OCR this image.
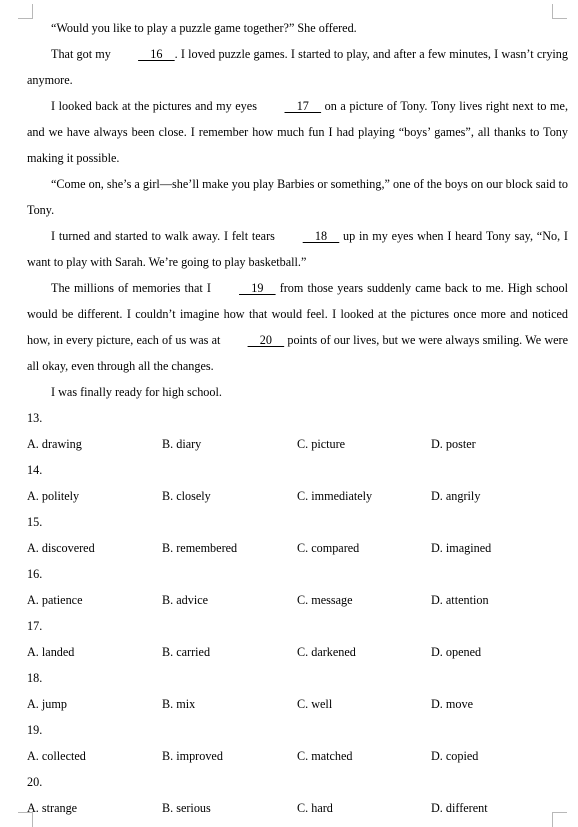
“Would you like to play a puzzle game together?” She offered.

That got my     16    . I loved puzzle games. I started to play, and after a few minutes, I wasn’t crying anymore.

I looked back at the pictures and my eyes     17     on a picture of Tony. Tony lives right next to me, and we have always been close. I remember how much fun I had playing “boys’ games”, all thanks to Tony making it possible.

“Come on, she’s a girl—she’ll make you play Barbies or something,” one of the boys on our block said to Tony.

I turned and started to walk away. I felt tears     18     up in my eyes when I heard Tony say, “No, I want to play with Sarah. We’re going to play basketball.”

The millions of memories that I     19     from those years suddenly came back to me. High school would be different. I couldn’t imagine how that would feel. I looked at the pictures once more and noticed how, in every picture, each of us was at     20     points of our lives, but we were always smiling. We were all okay, even through all the changes.

I was finally ready for high school.

13.
A. drawing	B. diary	C. picture	D. poster
14.
A. politely	B. closely	C. immediately	D. angrily
15.
A. discovered	B. remembered	C. compared	D. imagined
16.
A. patience	B. advice	C. message	D. attention
17.
A. landed	B. carried	C. darkened	D. opened
18.
A. jump	B. mix	C. well	D. move
19.
A. collected	B. improved	C. matched	D. copied
20.
A. strange	B. serious	C. hard	D. different
